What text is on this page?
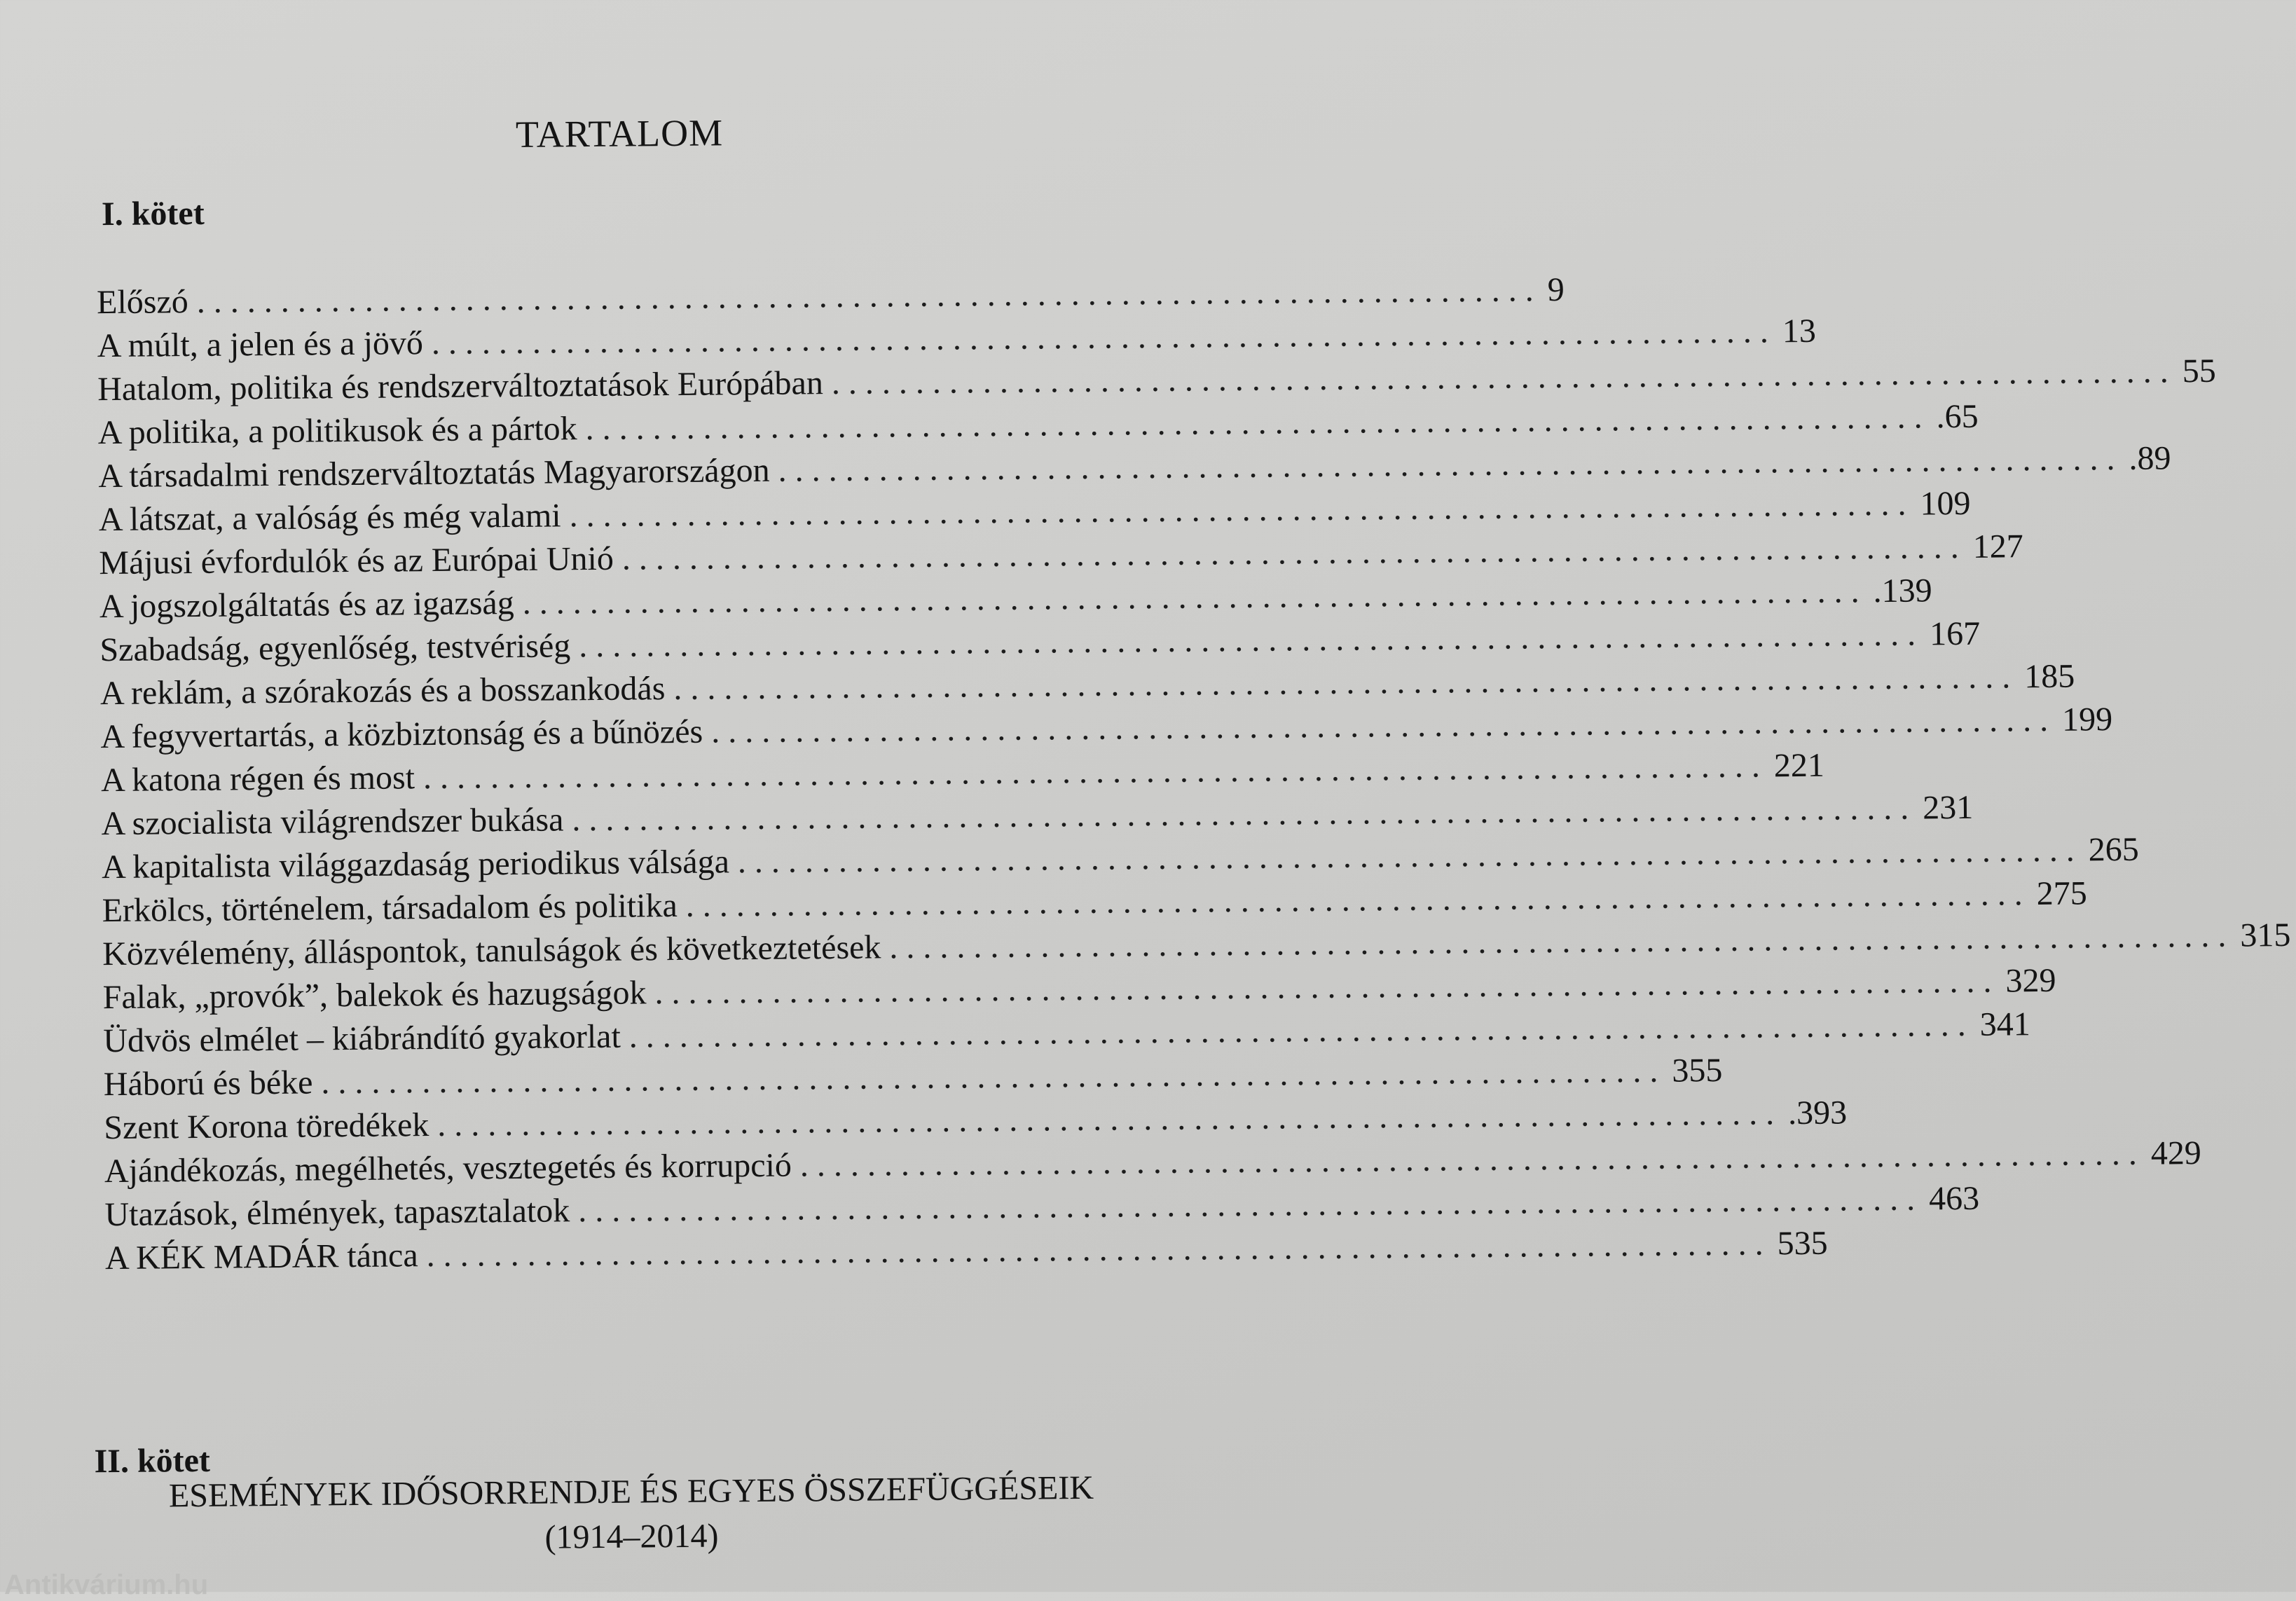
TARTALOM
I. kötet
Előszó ................................................................................ 9
A múlt, a jelen és a jövő ................................................................................ 13
Hatalom, politika és rendszerváltoztatások Európában ................................................................................ 55
A politika, a politikusok és a pártok ................................................................................ .65
A társadalmi rendszerváltoztatás Magyarországon ................................................................................ .89
A látszat, a valóság és még valami ................................................................................ 109
Májusi évfordulók és az Európai Unió ................................................................................ 127
A jogszolgáltatás és az igazság ................................................................................ .139
Szabadság, egyenlőség, testvériség ................................................................................ 167
A reklám, a szórakozás és a bosszankodás ................................................................................ 185
A fegyvertartás, a közbiztonság és a bűnözés ................................................................................ 199
A katona régen és most ................................................................................ 221
A szocialista világrendszer bukása ................................................................................ 231
A kapitalista világgazdaság periodikus válsága ................................................................................ 265
Erkölcs, történelem, társadalom és politika ................................................................................ 275
Közvélemény, álláspontok, tanulságok és következtetések ................................................................................ 315
Falak, „provók”, balekok és hazugságok ................................................................................ 329
Üdvös elmélet – kiábrándító gyakorlat ................................................................................ 341
Háború és béke ................................................................................ 355
Szent Korona töredékek ................................................................................ .393
Ajándékozás, megélhetés, vesztegetés és korrupció ................................................................................ 429
Utazások, élmények, tapasztalatok ................................................................................ 463
A KÉK MADÁR tánca ................................................................................ 535
II. kötet
ESEMÉNYEK IDŐSORRENDJE ÉS EGYES ÖSSZEFÜGGÉSEIK
(1914–2014)
Antikvárium.hu
